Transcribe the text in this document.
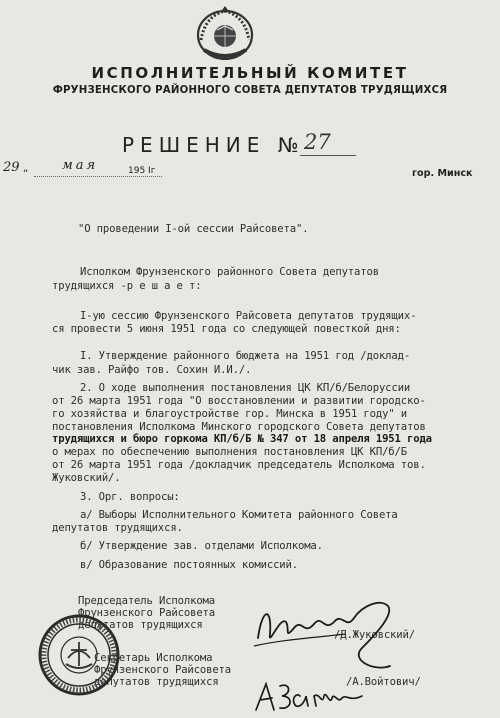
ИСПОЛНИТЕЛЬНЫЙ КОМИТЕТ
ФРУНЗЕНСКОГО РАЙОННОГО СОВЕТА ДЕПУТАТОВ ТРУДЯЩИХСЯ
РЕШЕНИЕ № 27
29 „	мая	195 Iг	гор. Минск
"О проведении I-ой сессии Райсовета".
Исполком Фрунзенского районного Совета депутатов
трудящихся -р е ш а е т:
I-ую сессию Фрунзенского Райсовета депутатов трудящих-
ся провести 5 июня 1951 года со следующей повесткой дня:
I. Утверждение районного бюджета на 1951 год /доклад-
чик зав. Райфо тов. Сохин И.И./.
2. О ходе выполнения постановления ЦК КП/б/Белоруссии
от 26 марта 1951 года "О восстановлении и развитии городско-
го хозяйства и благоустройстве гор. Минска в 1951 году" и
постановления Исполкома Минского городского Совета депутатов
трудящихся и бюро горкома КП/б/Б № 347 от 18 апреля 1951 года
о мерах по обеспечению выполнения постановления ЦК КП/б/Б
от 26 марта 1951 года /докладчик председатель Исполкома тов.
Жуковский/.
3. Орг. вопросы:
а/ Выборы Исполнительного Комитета районного Совета
депутатов трудящихся.
б/ Утверждение зав. отделами Исполкома.
в/ Образование постоянных комиссий.
Председатель Исполкома
Фрунзенского Райсовета
депутатов трудящихся
/Д.Жуковский/
Секретарь Исполкома
Фрунзенского Райсовета
депутатов трудящихся	/А.Войтович/
